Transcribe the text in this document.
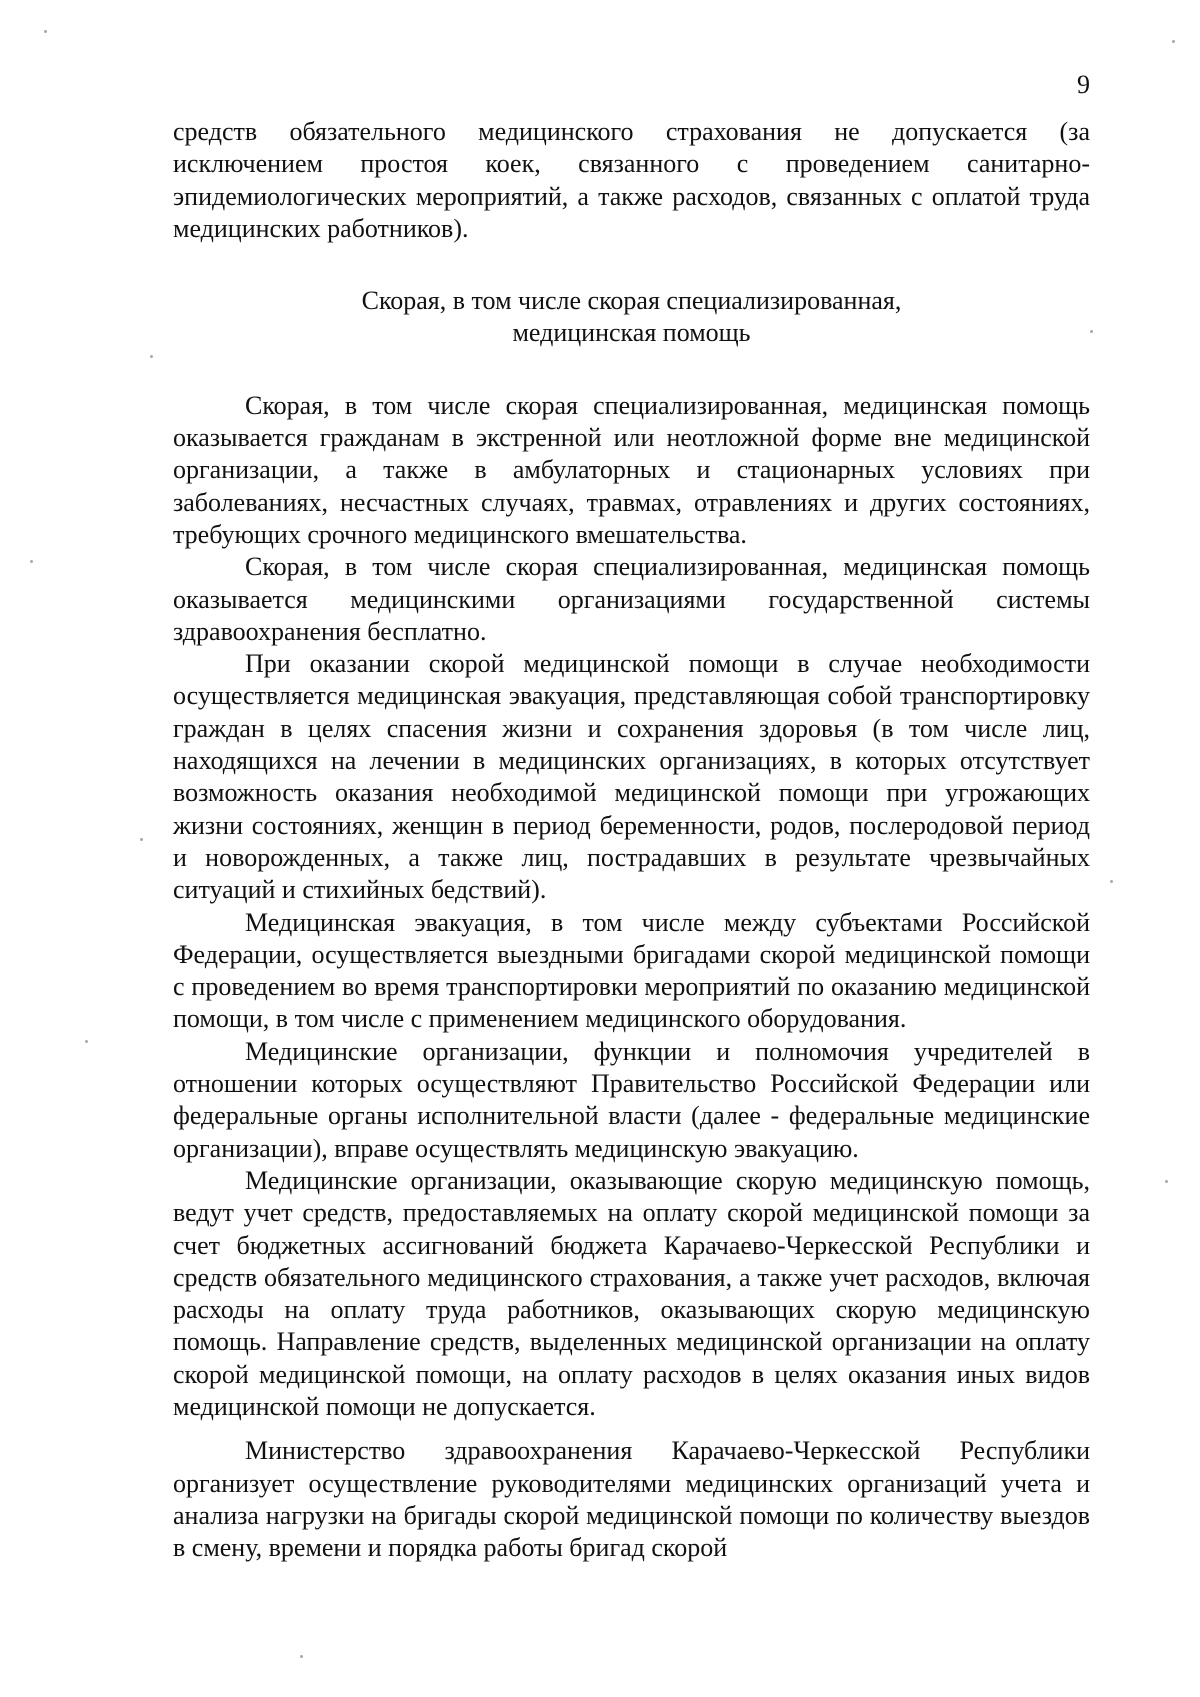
9

средств обязательного медицинского страхования не допускается (за исключением простоя коек, связанного с проведением санитарно-эпидемиологических мероприятий, а также расходов, связанных с оплатой труда медицинских работников).

Скорая, в том числе скорая специализированная,

медицинская помощь

Скорая, в том числе скорая специализированная, медицинская помощь оказывается гражданам в экстренной или неотложной форме вне медицинской организации, а также в амбулаторных и стационарных условиях при заболеваниях, несчастных случаях, травмах, отравлениях и других состояниях, требующих срочного медицинского вмешательства.

Скорая, в том числе скорая специализированная, медицинская помощь оказывается медицинскими организациями государственной системы здравоохранения бесплатно.

При оказании скорой медицинской помощи в случае необходимости осуществляется медицинская эвакуация, представляющая собой транспортировку граждан в целях спасения жизни и сохранения здоровья (в том числе лиц, находящихся на лечении в медицинских организациях, в которых отсутствует возможность оказания необходимой медицинской помощи при угрожающих жизни состояниях, женщин в период беременности, родов, послеродовой период и новорожденных, а также лиц, пострадавших в результате чрезвычайных ситуаций и стихийных бедствий).

Медицинская эвакуация, в том числе между субъектами Российской Федерации, осуществляется выездными бригадами скорой медицинской помощи с проведением во время транспортировки мероприятий по оказанию медицинской помощи, в том числе с применением медицинского оборудования.

Медицинские организации, функции и полномочия учредителей в отношении которых осуществляют Правительство Российской Федерации или федеральные органы исполнительной власти (далее - федеральные медицинские организации), вправе осуществлять медицинскую эвакуацию.

Медицинские организации, оказывающие скорую медицинскую помощь, ведут учет средств, предоставляемых на оплату скорой медицинской помощи за счет бюджетных ассигнований бюджета Карачаево-Черкесской Республики и средств обязательного медицинского страхования, а также учет расходов, включая расходы на оплату труда работников, оказывающих скорую медицинскую помощь. Направление средств, выделенных медицинской организации на оплату скорой медицинской помощи, на оплату расходов в целях оказания иных видов медицинской помощи не допускается.

Министерство здравоохранения Карачаево-Черкесской Республики организует осуществление руководителями медицинских организаций учета и анализа нагрузки на бригады скорой медицинской помощи по количеству выездов в смену, времени и порядка работы бригад скорой
